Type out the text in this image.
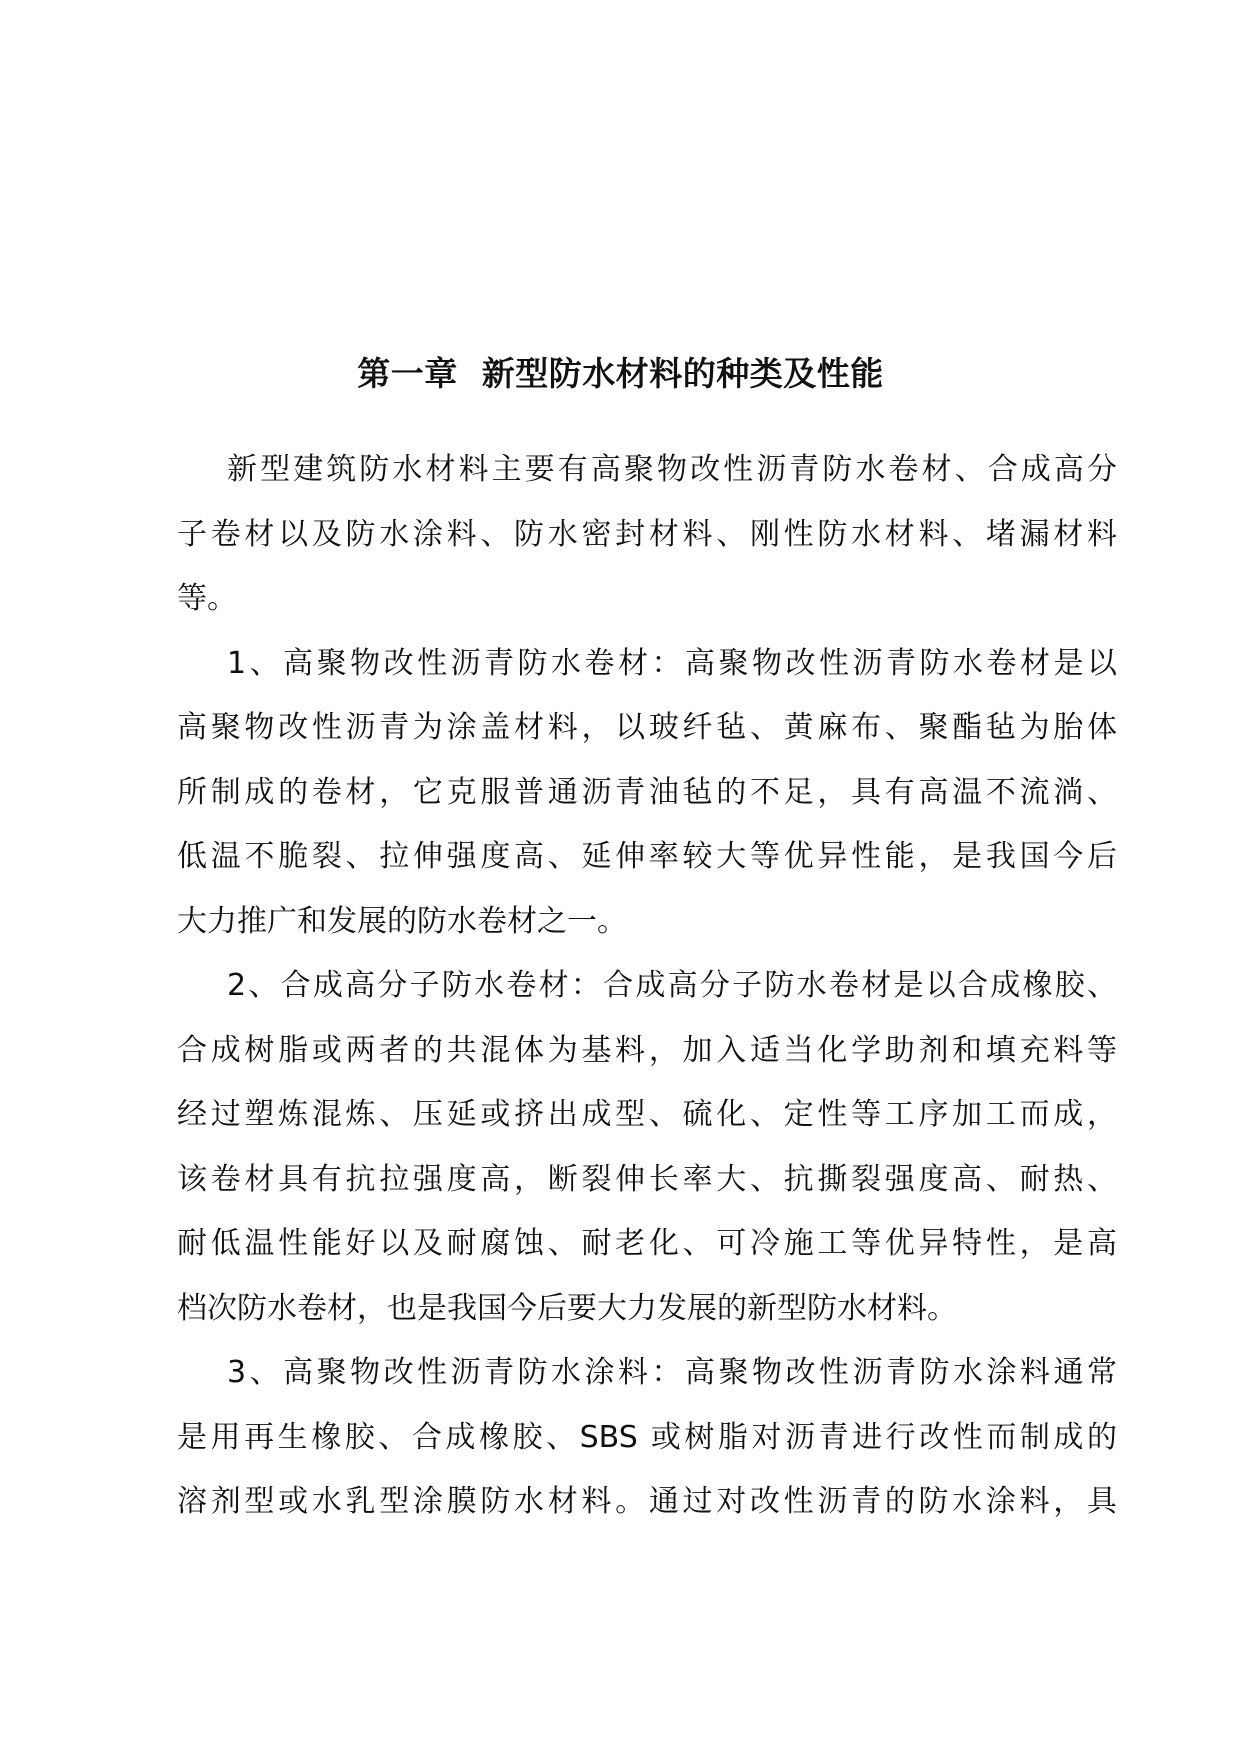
第一章  新型防水材料的种类及性能
新型建筑防水材料主要有高聚物改性沥青防水卷材、合成高分
子卷材以及防水涂料、防水密封材料、刚性防水材料、堵漏材料
等。
1、高聚物改性沥青防水卷材：高聚物改性沥青防水卷材是以
高聚物改性沥青为涂盖材料，以玻纤毡、黄麻布、聚酯毡为胎体
所制成的卷材，它克服普通沥青油毡的不足，具有高温不流淌、
低温不脆裂、拉伸强度高、延伸率较大等优异性能，是我国今后
大力推广和发展的防水卷材之一。
2、合成高分子防水卷材：合成高分子防水卷材是以合成橡胶、
合成树脂或两者的共混体为基料，加入适当化学助剂和填充料等
经过塑炼混炼、压延或挤出成型、硫化、定性等工序加工而成，
该卷材具有抗拉强度高，断裂伸长率大、抗撕裂强度高、耐热、
耐低温性能好以及耐腐蚀、耐老化、可冷施工等优异特性，是高
档次防水卷材，也是我国今后要大力发展的新型防水材料。
3、高聚物改性沥青防水涂料：高聚物改性沥青防水涂料通常
是用再生橡胶、合成橡胶、SBS 或树脂对沥青进行改性而制成的
溶剂型或水乳型涂膜防水材料。通过对改性沥青的防水涂料，具
